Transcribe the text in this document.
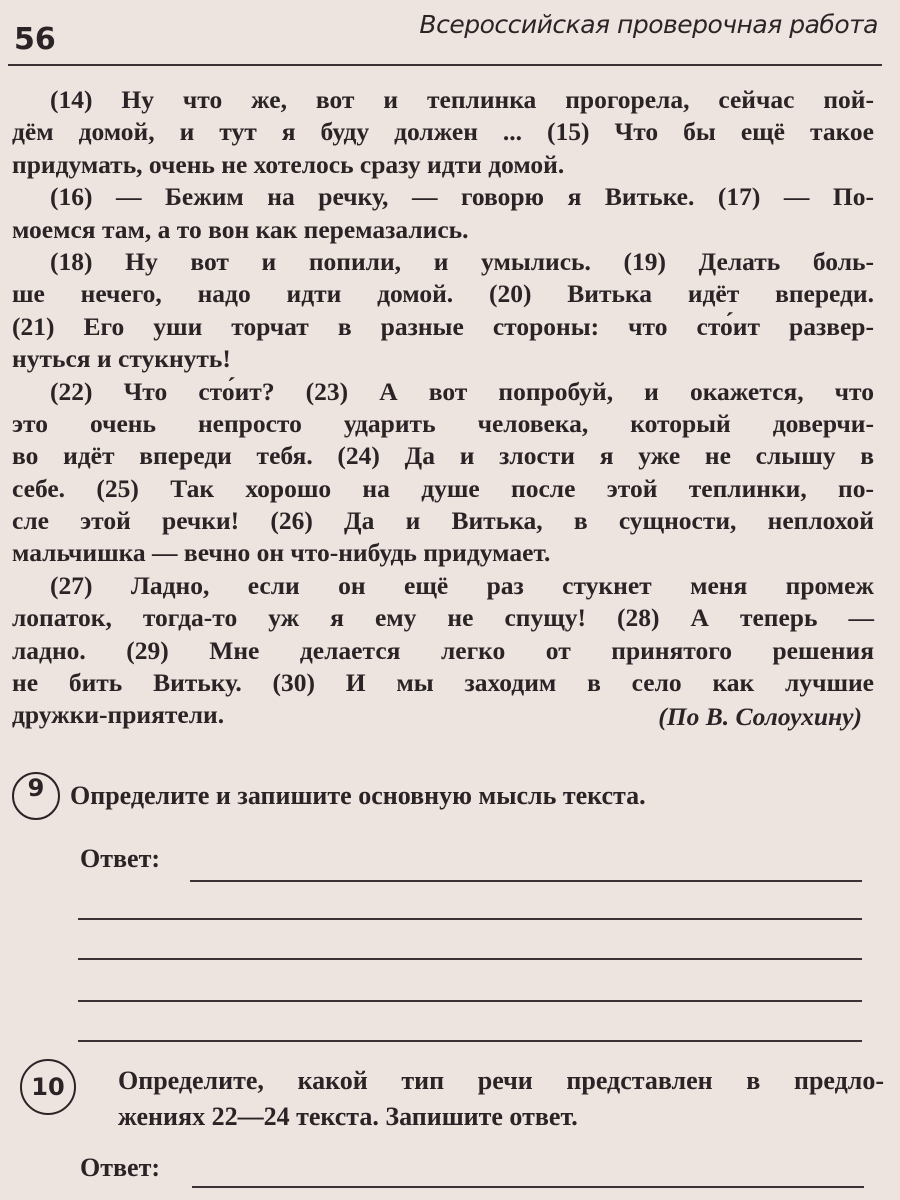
56	Всероссийская проверочная работа
(14) Ну что же, вот и теплинка прогорела, сейчас пой-
дём домой, и тут я буду должен ... (15) Что бы ещё такое
придумать, очень не хотелось сразу идти домой.
(16) — Бежим на речку, — говорю я Витьке. (17) — По-
моемся там, а то вон как перемазались.
(18) Ну вот и попили, и умылись. (19) Делать боль-
ше нечего, надо идти домой. (20) Витька идёт впереди.
(21) Его уши торчат в разные стороны: что сто́ит развер-
нуться и стукнуть!
(22) Что сто́ит? (23) А вот попробуй, и окажется, что
это очень непросто ударить человека, который доверчи-
во идёт впереди тебя. (24) Да и злости я уже не слышу в
себе. (25) Так хорошо на душе после этой теплинки, по-
сле этой речки! (26) Да и Витька, в сущности, неплохой
мальчишка — вечно он что-нибудь придумает.
(27) Ладно, если он ещё раз стукнет меня промеж
лопаток, тогда-то уж я ему не спущу! (28) А теперь —
ладно. (29) Мне делается легко от принятого решения
не бить Витьку. (30) И мы заходим в село как лучшие
дружки-приятели.	(По В. Солоухину)
9 Определите и запишите основную мысль текста.
Ответ:
10	Определите, какой тип речи представлен в предло-
жениях 22—24 текста. Запишите ответ.
Ответ:
